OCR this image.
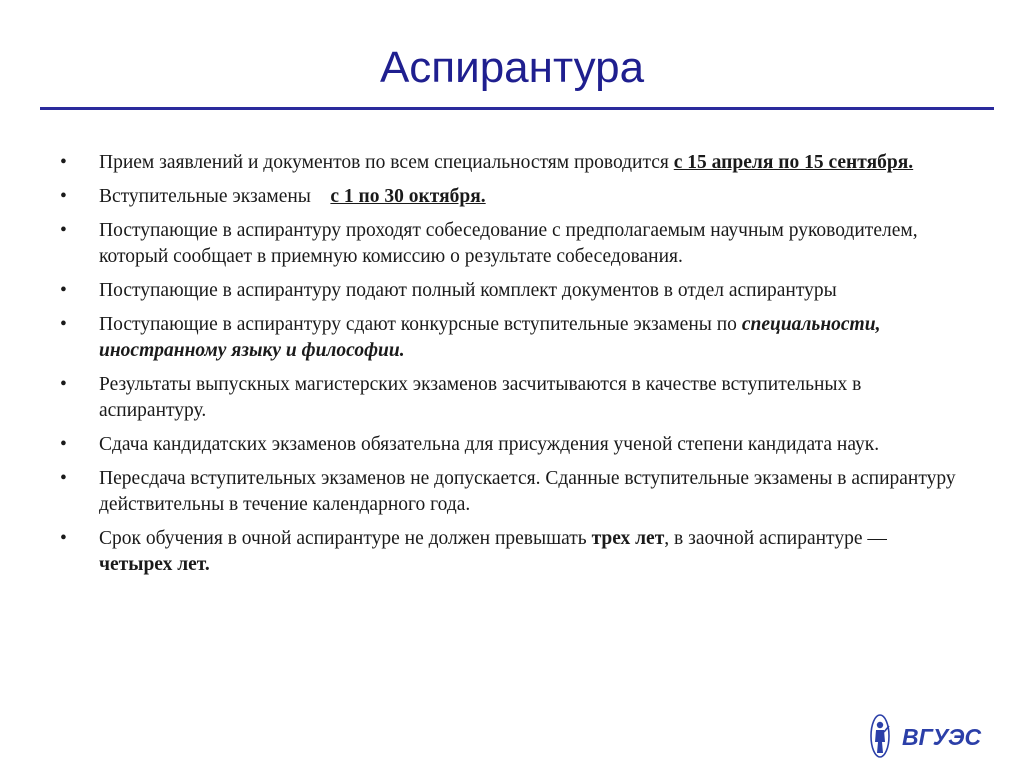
Аспирантура
•	Прием заявлений и документов по всем специальностям проводится с 15 апреля по 15 сентября.
•	Вступительные экзамены    с 1 по 30 октября.
•	Поступающие в аспирантуру проходят собеседование с предполагаемым научным руководителем, который сообщает в приемную комиссию о результате собеседования.
•	Поступающие в аспирантуру подают полный комплект документов в отдел аспирантуры
•	Поступающие в аспирантуру сдают конкурсные вступительные экзамены по специальности, иностранному языку и философии.
•	Результаты выпускных магистерских экзаменов засчитываются в качестве вступительных в аспирантуру.
•	Сдача кандидатских экзаменов обязательна для присуждения ученой степени кандидата наук.
•	Пересдача вступительных экзаменов не допускается. Сданные вступительные экзамены в аспирантуру действительны в течение календарного года.
•	Срок обучения в очной аспирантуре не должен превышать трех лет, в заочной аспирантуре — четырех лет.
ВГУЭС
